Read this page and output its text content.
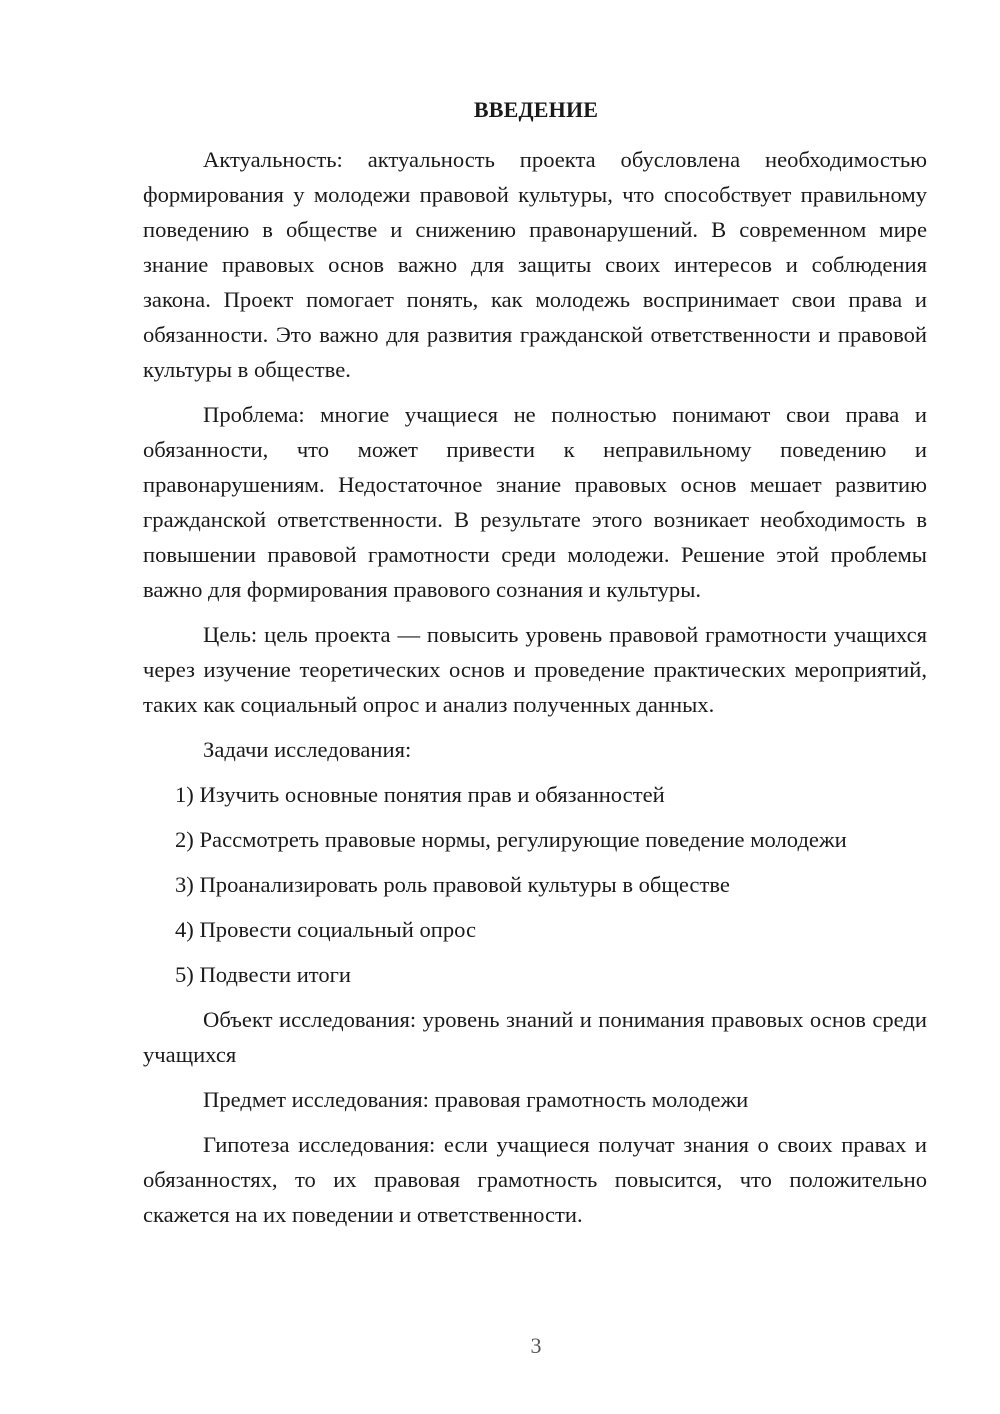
ВВЕДЕНИЕ

Актуальность: актуальность проекта обусловлена необходимостью формирования у молодежи правовой культуры, что способствует правильному поведению в обществе и снижению правонарушений. В современном мире знание правовых основ важно для защиты своих интересов и соблюдения закона. Проект помогает понять, как молодежь воспринимает свои права и обязанности. Это важно для развития гражданской ответственности и правовой культуры в обществе.

Проблема: многие учащиеся не полностью понимают свои права и обязанности, что может привести к неправильному поведению и правонарушениям. Недостаточное знание правовых основ мешает развитию гражданской ответственности. В результате этого возникает необходимость в повышении правовой грамотности среди молодежи. Решение этой проблемы важно для формирования правового сознания и культуры.

Цель: цель проекта — повысить уровень правовой грамотности учащихся через изучение теоретических основ и проведение практических мероприятий, таких как социальный опрос и анализ полученных данных.

Задачи исследования:

1) Изучить основные понятия прав и обязанностей

2) Рассмотреть правовые нормы, регулирующие поведение молодежи

3) Проанализировать роль правовой культуры в обществе

4) Провести социальный опрос

5) Подвести итоги

Объект исследования: уровень знаний и понимания правовых основ среди учащихся

Предмет исследования: правовая грамотность молодежи

Гипотеза исследования: если учащиеся получат знания о своих правах и обязанностях, то их правовая грамотность повысится, что положительно скажется на их поведении и ответственности.

3
